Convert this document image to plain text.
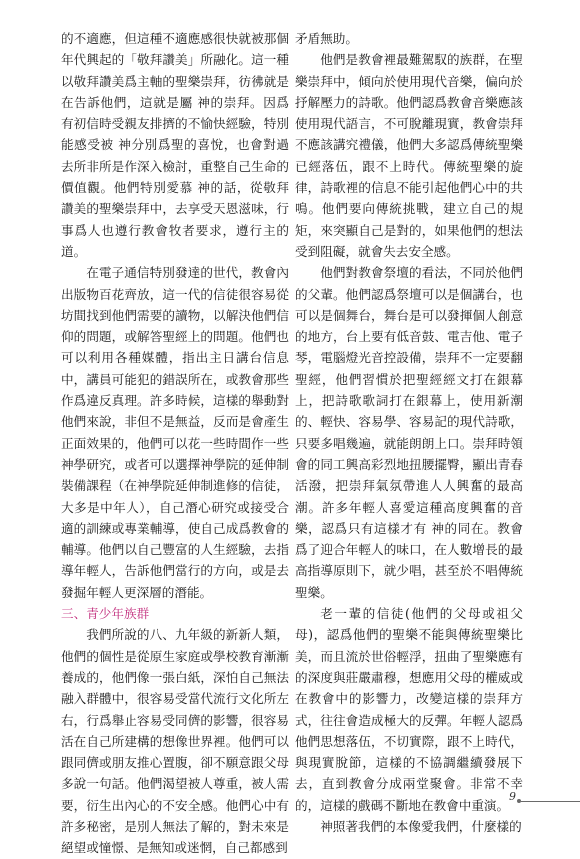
的不適應，但這種不適應感很快就被那個年代興起的「敬拜讚美」所融化。這一種以敬拜讚美爲主軸的聖樂崇拜，彷彿就是在告訴他們，這就是屬 神的崇拜。因爲有初信時受親友排擠的不愉快經驗，特別能感受被 神分別爲聖的喜悅，也會對過去所非所是作深入檢討，重整自己生命的價值觀。他們特別愛慕 神的話，從敬拜讚美的聖樂崇拜中，去享受天恩滋味，行事爲人也遵行教會牧者要求，遵行主的道。

在電子通信特別發達的世代，教會內出版物百花齊放，這一代的信徒很容易從坊間找到他們需要的讀物，以解決他們信仰的問題，或解答聖經上的問題。他們也可以利用各種媒體，指出主日講台信息中，講員可能犯的錯誤所在，或教會那些作爲違反真理。許多時候，這樣的舉動對他們來說，非但不是無益，反而是會產生正面效果的，他們可以花一些時間作一些神學研究，或者可以選擇神學院的延伸制裝備課程（在神學院延伸制進修的信徒，大多是中年人），自己潛心研究或接受合適的訓練或專業輔導，使自己成爲教會的輔導。他們以自己豐富的人生經驗，去指導年輕人，告訴他們當行的方向，或是去發掘年輕人更深層的潛能。

三、青少年族群

我們所說的八、九年級的新新人類，他們的個性是從原生家庭或學校教育漸漸養成的，他們像一張白紙，深怕自己無法融入群體中，很容易受當代流行文化所左右，行爲舉止容易受同儕的影響，很容易活在自己所建構的想像世界裡。他們可以跟同儕或朋友推心置腹，卻不願意跟父母多說一句話。他們渴望被人尊重，被人需要，衍生出內心的不安全感。他們心中有許多秘密，是別人無法了解的，對未來是絕望或憧憬、是無知或迷惘，自己都感到

矛盾無助。

他們是教會裡最難駕馭的族群，在聖樂崇拜中，傾向於使用現代音樂，偏向於抒解壓力的詩歌。他們認爲教會音樂應該使用現代語言，不可脫離現實，教會崇拜不應該講究禮儀，他們大多認爲傳統聖樂已經落伍，跟不上時代。傳統聖樂的旋律，詩歌裡的信息不能引起他們心中的共鳴。他們要向傳統挑戰，建立自己的規矩，來突顯自己是對的，如果他們的想法受到阻礙，就會失去安全感。

他們對教會祭壇的看法，不同於他們的父輩。他們認爲祭壇可以是個講台，也可以是個舞台，舞台是可以發揮個人創意的地方，台上要有低音鼓、電吉他、電子琴，電腦燈光音控設備，崇拜不一定要翻聖經，他們習慣於把聖經經文打在銀幕上，把詩歌歌詞打在銀幕上，使用新潮的、輕快、容易學、容易記的現代詩歌，只要多唱幾遍，就能朗朗上口。崇拜時領會的同工興高彩烈地扭腰擺臀，顯出青春活潑，把崇拜氣氛帶進人人興奮的最高潮。許多年輕人喜愛這種高度興奮的音樂，認爲只有這樣才有 神的同在。教會爲了迎合年輕人的味口，在人數增長的最高指導原則下，就少唱，甚至於不唱傳統聖樂。

老一輩的信徒(他們的父母或祖父母)，認爲他們的聖樂不能與傳統聖樂比美，而且流於世俗輕浮，扭曲了聖樂應有的深度與莊嚴肅穆，想應用父母的權威或在教會中的影響力，改變這樣的崇拜方式，往往會造成極大的反彈。年輕人認爲他們思想落伍，不切實際，跟不上時代，與現實脫節，這樣的不協調繼續發展下去，直到教會分成兩堂聚會。非常不幸的，這樣的戲碼不斷地在教會中重演。

神照著我們的本像愛我們，什麼樣的

9
